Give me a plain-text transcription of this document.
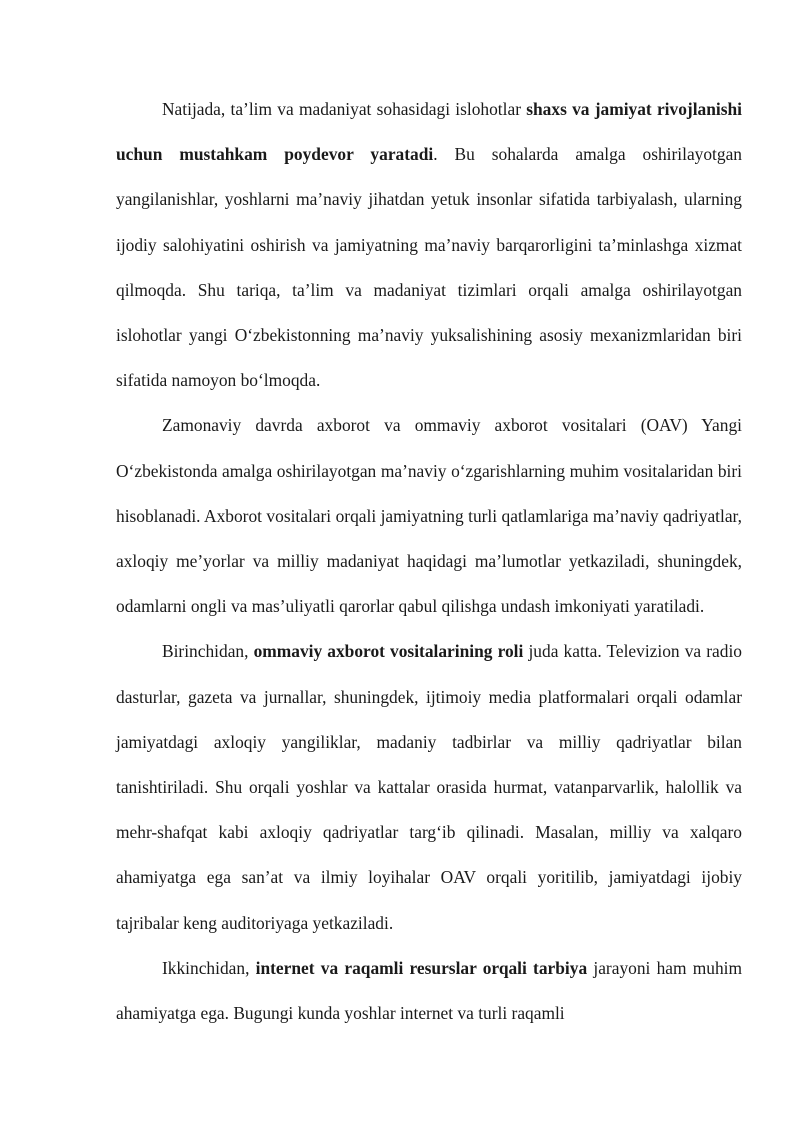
Natijada, ta’lim va madaniyat sohasidagi islohotlar shaxs va jamiyat rivojlanishi uchun mustahkam poydevor yaratadi. Bu sohalarda amalga oshirilayotgan yangilanishlar, yoshlarni ma’naviy jihatdan yetuk insonlar sifatida tarbiyalash, ularning ijodiy salohiyatini oshirish va jamiyatning ma’naviy barqarorligini ta’minlashga xizmat qilmoqda. Shu tariqa, ta’lim va madaniyat tizimlari orqali amalga oshirilayotgan islohotlar yangi O‘zbekistonning ma’naviy yuksalishining asosiy mexanizmlaridan biri sifatida namoyon bo‘lmoqda.

Zamonaviy davrda axborot va ommaviy axborot vositalari (OAV) Yangi O‘zbekistonda amalga oshirilayotgan ma’naviy o‘zgarishlarning muhim vositalaridan biri hisoblanadi. Axborot vositalari orqali jamiyatning turli qatlamlariga ma’naviy qadriyatlar, axloqiy me’yorlar va milliy madaniyat haqidagi ma’lumotlar yetkaziladi, shuningdek, odamlarni ongli va mas’uliyatli qarorlar qabul qilishga undash imkoniyati yaratiladi.

Birinchidan, ommaviy axborot vositalarining roli juda katta. Televizion va radio dasturlar, gazeta va jurnallar, shuningdek, ijtimoiy media platformalari orqali odamlar jamiyatdagi axloqiy yangiliklar, madaniy tadbirlar va milliy qadriyatlar bilan tanishtiriladi. Shu orqali yoshlar va kattalar orasida hurmat, vatanparvarlik, halollik va mehr-shafqat kabi axloqiy qadriyatlar targ‘ib qilinadi. Masalan, milliy va xalqaro ahamiyatga ega san’at va ilmiy loyihalar OAV orqali yoritilib, jamiyatdagi ijobiy tajribalar keng auditoriyaga yetkaziladi.

Ikkinchidan, internet va raqamli resurslar orqali tarbiya jarayoni ham muhim ahamiyatga ega. Bugungi kunda yoshlar internet va turli raqamli
